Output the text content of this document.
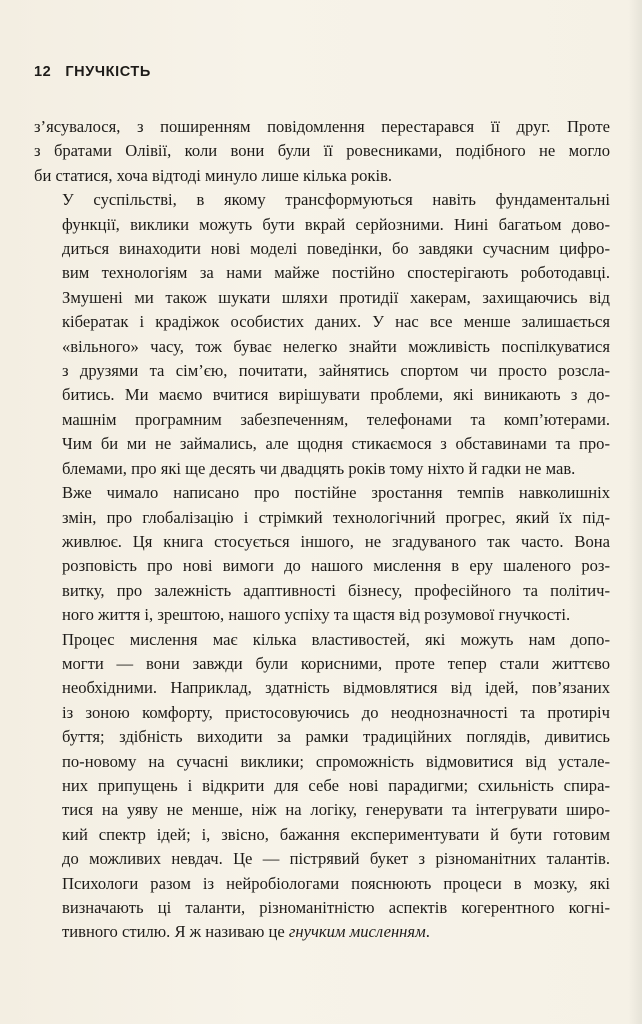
12 ГНУЧКІСТЬ

з’ясувалося, з поширенням повідомлення перестарався її друг. Проте
з братами Олівії, коли вони були її ровесниками, подібного не могло
би статися, хоча відтоді минуло лише кілька років.

У суспільстві, в якому трансформуються навіть фундаментальні
функції, виклики можуть бути вкрай серйозними. Нині багатьом дово-
диться винаходити нові моделі поведінки, бо завдяки сучасним цифро-
вим технологіям за нами майже постійно спостерігають роботодавці.
Змушені ми також шукати шляхи протидії хакерам, захищаючись від
кібератак і крадіжок особистих даних. У нас все менше залишається
«вільного» часу, тож буває нелегко знайти можливість поспілкуватися
з друзями та сім’єю, почитати, зайнятись спортом чи просто розсла-
битись. Ми маємо вчитися вирішувати проблеми, які виникають з до-
машнім програмним забезпеченням, телефонами та комп’ютерами.
Чим би ми не займались, але щодня стикаємося з обставинами та про-
блемами, про які ще десять чи двадцять років тому ніхто й гадки не мав.

Вже чимало написано про постійне зростання темпів навколишніх
змін, про глобалізацію і стрімкий технологічний прогрес, який їх під-
живлює. Ця книга стосується іншого, не згадуваного так часто. Вона
розповість про нові вимоги до нашого мислення в еру шаленого роз-
витку, про залежність адаптивності бізнесу, професійного та політич-
ного життя і, зрештою, нашого успіху та щастя від розумової гнучкості.

Процес мислення має кілька властивостей, які можуть нам допо-
могти — вони завжди були корисними, проте тепер стали життєво
необхідними. Наприклад, здатність відмовлятися від ідей, пов’язаних
із зоною комфорту, пристосовуючись до неоднозначності та протиріч
буття; здібність виходити за рамки традиційних поглядів, дивитись
по-новому на сучасні виклики; спроможність відмовитися від устале-
них припущень і відкрити для себе нові парадигми; схильність спира-
тися на уяву не менше, ніж на логіку, генерувати та інтегрувати широ-
кий спектр ідей; і, звісно, бажання експериментувати й бути готовим
до можливих невдач. Це — пістрявий букет з різноманітних талантів.
Психологи разом із нейробіологами пояснюють процеси в мозку, які
визначають ці таланти, різноманітністю аспектів когерентного когні-
тивного стилю. Я ж називаю це гнучким мисленням.
